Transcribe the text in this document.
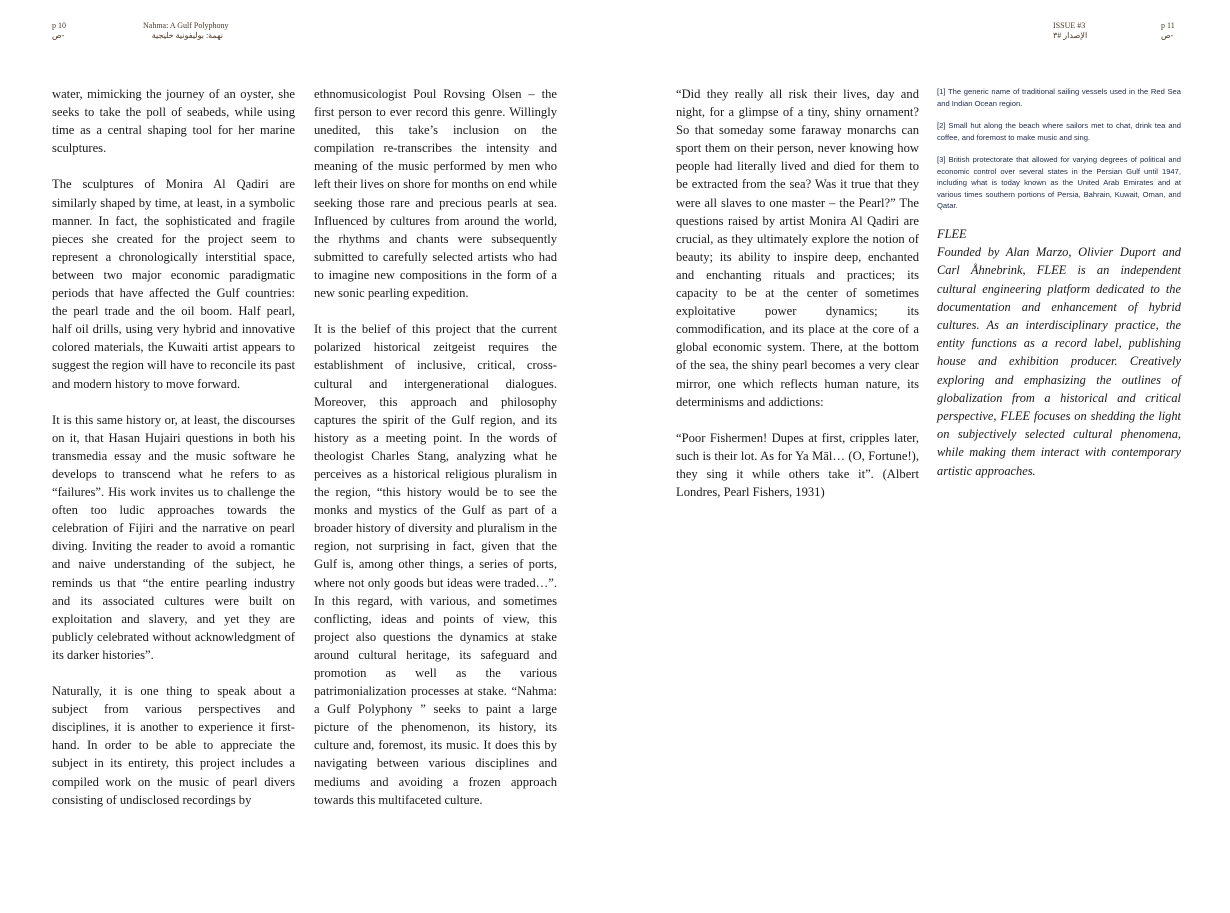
p 10
ص-
Nahma: A Gulf Polyphony
نهمة: بوليفونية خليجية
ISSUE #3
الإصدار #٣
p 11
ص-

water, mimicking the journey of an oyster, she seeks to take the poll of seabeds, while using time as a central shaping tool for her marine sculptures.

The sculptures of Monira Al Qadiri are similarly shaped by time, at least, in a symbolic manner. In fact, the sophisticated and fragile pieces she created for the project seem to represent a chronologically interstitial space, between two major economic paradigmatic periods that have affected the Gulf countries: the pearl trade and the oil boom. Half pearl, half oil drills, using very hybrid and innovative colored materials, the Kuwaiti artist appears to suggest the region will have to reconcile its past and modern history to move forward.

It is this same history or, at least, the discourses on it, that Hasan Hujairi questions in both his transmedia essay and the music software he develops to transcend what he refers to as “failures”. His work invites us to challenge the often too ludic approaches towards the celebration of Fijiri and the narrative on pearl diving. Inviting the reader to avoid a romantic and naive understanding of the subject, he reminds us that “the entire pearling industry and its associated cultures were built on exploitation and slavery, and yet they are publicly celebrated without acknowledgment of its darker histories”.

Naturally, it is one thing to speak about a subject from various perspectives and disciplines, it is another to experience it first-hand. In order to be able to appreciate the subject in its entirety, this project includes a compiled work on the music of pearl divers consisting of undisclosed recordings by

ethnomusicologist Poul Rovsing Olsen – the first person to ever record this genre. Willingly unedited, this take’s inclusion on the compilation re-transcribes the intensity and meaning of the music performed by men who left their lives on shore for months on end while seeking those rare and precious pearls at sea. Influenced by cultures from around the world, the rhythms and chants were subsequently submitted to carefully selected artists who had to imagine new compositions in the form of a new sonic pearling expedition.

It is the belief of this project that the current polarized historical zeitgeist requires the establishment of inclusive, critical, cross-cultural and intergenerational dialogues. Moreover, this approach and philosophy captures the spirit of the Gulf region, and its history as a meeting point. In the words of theologist Charles Stang, analyzing what he perceives as a historical religious pluralism in the region, “this history would be to see the monks and mystics of the Gulf as part of a broader history of diversity and pluralism in the region, not surprising in fact, given that the Gulf is, among other things, a series of ports, where not only goods but ideas were traded…”. In this regard, with various, and sometimes conflicting, ideas and points of view, this project also questions the dynamics at stake around cultural heritage, its safeguard and promotion as well as the various patrimonialization processes at stake. “Nahma: a Gulf Polyphony ” seeks to paint a large picture of the phenomenon, its history, its culture and, foremost, its music. It does this by navigating between various disciplines and mediums and avoiding a frozen approach towards this multifaceted culture.

“Did they really all risk their lives, day and night, for a glimpse of a tiny, shiny ornament? So that someday some faraway monarchs can sport them on their person, never knowing how people had literally lived and died for them to be extracted from the sea? Was it true that they were all slaves to one master – the Pearl?” The questions raised by artist Monira Al Qadiri are crucial, as they ultimately explore the notion of beauty; its ability to inspire deep, enchanted and enchanting rituals and practices; its capacity to be at the center of sometimes exploitative power dynamics; its commodification, and its place at the core of a global economic system. There, at the bottom of the sea, the shiny pearl becomes a very clear mirror, one which reflects human nature, its determinisms and addictions:

“Poor Fishermen! Dupes at first, cripples later, such is their lot. As for Ya Māl… (O, Fortune!), they sing it while others take it”. (Albert Londres, Pearl Fishers, 1931)

[1] The generic name of traditional sailing vessels used in the Red Sea and Indian Ocean region.

[2] Small hut along the beach where sailors met to chat, drink tea and coffee, and foremost to make music and sing.

[3] British protectorate that allowed for varying degrees of political and economic control over several states in the Persian Gulf until 1947, including what is today known as the United Arab Emirates and at various times southern portions of Persia, Bahrain, Kuwait, Oman, and Qatar.

FLEE
Founded by Alan Marzo, Olivier Duport and Carl Åhnebrink, FLEE is an independent cultural engineering platform dedicated to the documentation and enhancement of hybrid cultures. As an interdisciplinary practice, the entity functions as a record label, publishing house and exhibition producer. Creatively exploring and emphasizing the outlines of globalization from a historical and critical perspective, FLEE focuses on shedding the light on subjectively selected cultural phenomena, while making them interact with contemporary artistic approaches.
